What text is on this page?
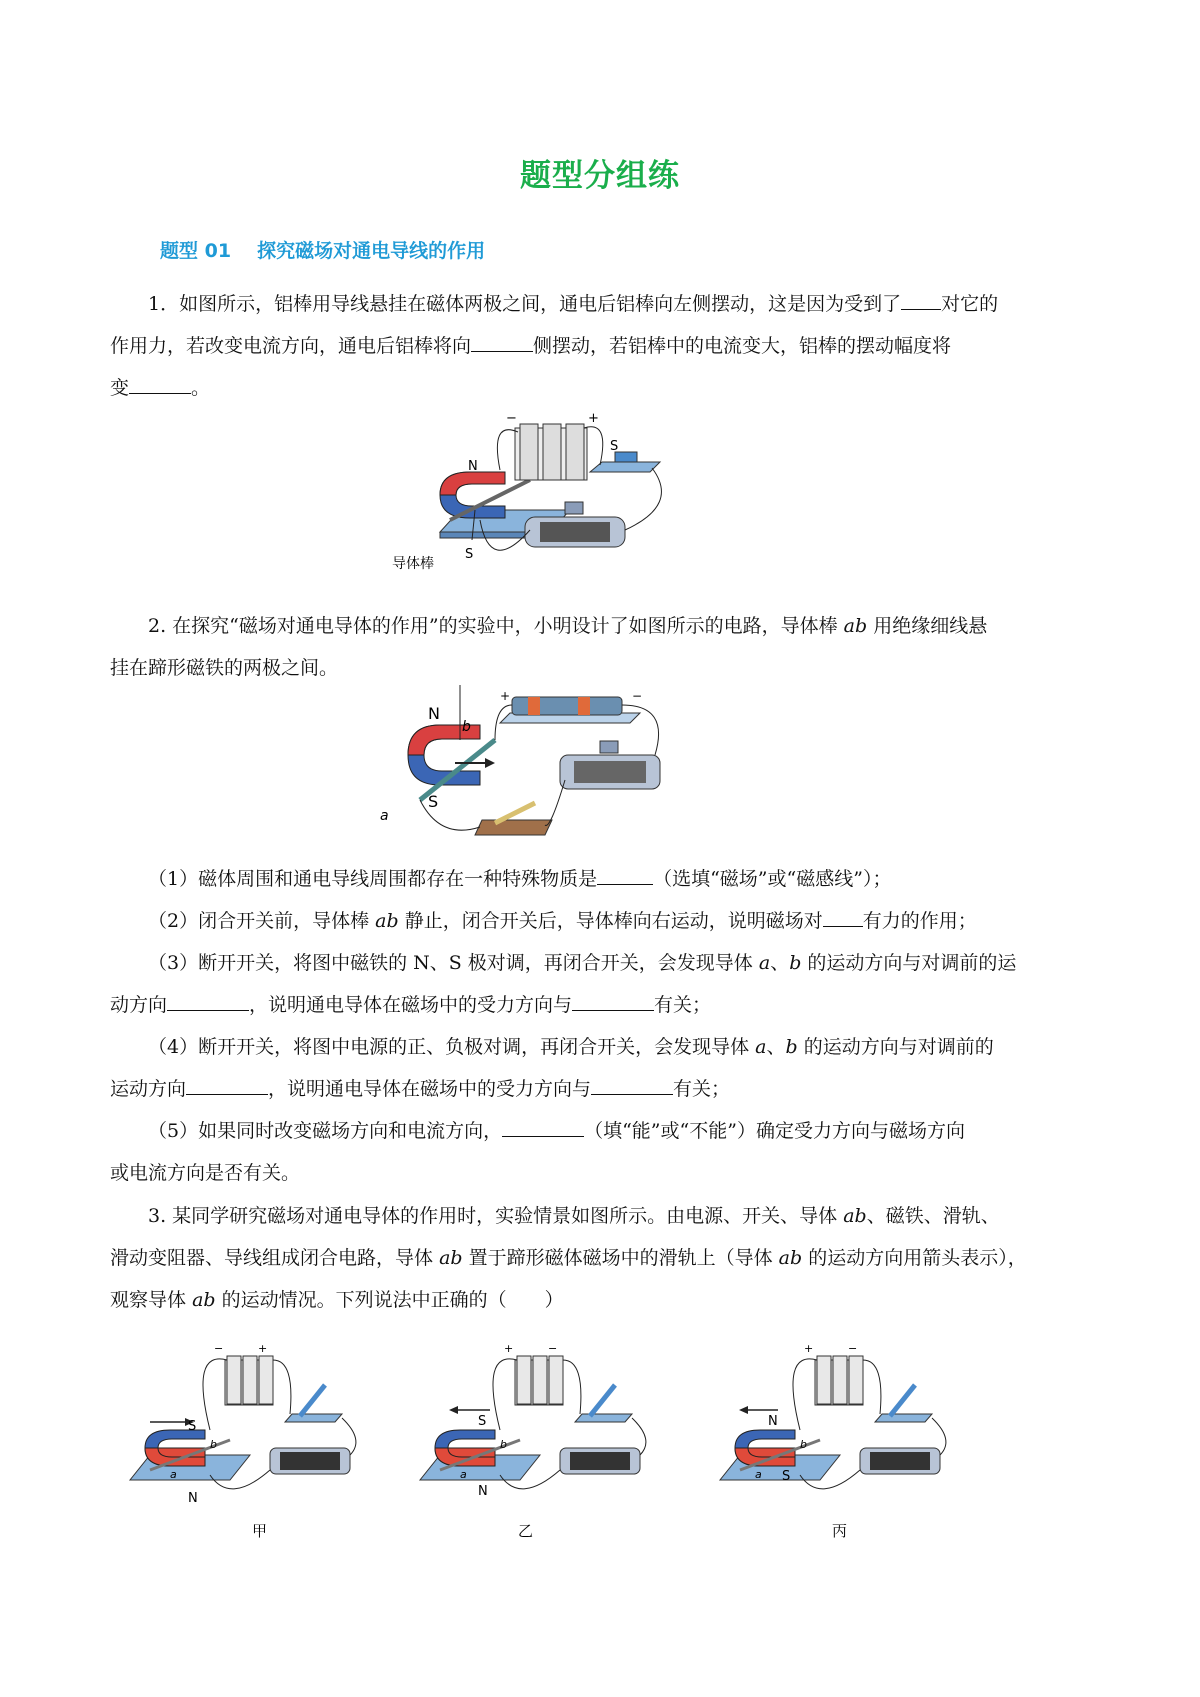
题型分组练
题型 01 探究磁场对通电导线的作用
1．如图所示，铝棒用导线悬挂在磁体两极之间，通电后铝棒向左侧摆动，这是因为受到了 对它的
作用力，若改变电流方向，通电后铝棒将向	侧摆动，若铝棒中的电流变大，铝棒的摆动幅度将
变	。
N
S
S
导体棒
−	+
2. 在探究“磁场对通电导体的作用”的实验中，小明设计了如图所示的电路，导体棒 ab 用绝缘细线悬
挂在蹄形磁铁的两极之间。
N
S
a
b
+	−
（1）磁体周围和通电导线周围都存在一种特殊物质是	（选填“磁场”或“磁感线”）；
（2）闭合开关前，导体棒 ab 静止，闭合开关后，导体棒向右运动，说明磁场对 有力的作用；
（3）断开开关，将图中磁铁的 N、S 极对调，再闭合开关，会发现导体 a、b 的运动方向与对调前的运
动方向	，说明通电导体在磁场中的受力方向与	有关；
（4）断开开关，将图中电源的正、负极对调，再闭合开关，会发现导体 a、b 的运动方向与对调前的
运动方向	，说明通电导体在磁场中的受力方向与	有关；
（5）如果同时改变磁场方向和电流方向，	（填“能”或“不能”）确定受力方向与磁场方向
或电流方向是否有关。
3. 某同学研究磁场对通电导体的作用时，实验情景如图所示。由电源、开关、导体 ab、磁铁、滑轨、
滑动变阻器、导线组成闭合电路，导体 ab 置于蹄形磁体磁场中的滑轨上（导体 ab 的运动方向用箭头表示），
观察导体 ab 的运动情况。下列说法中正确的（　　）
S
N
a
b
−	+
甲
S
N
a
b
+	−
乙
N
S
a
b
+	−
丙
